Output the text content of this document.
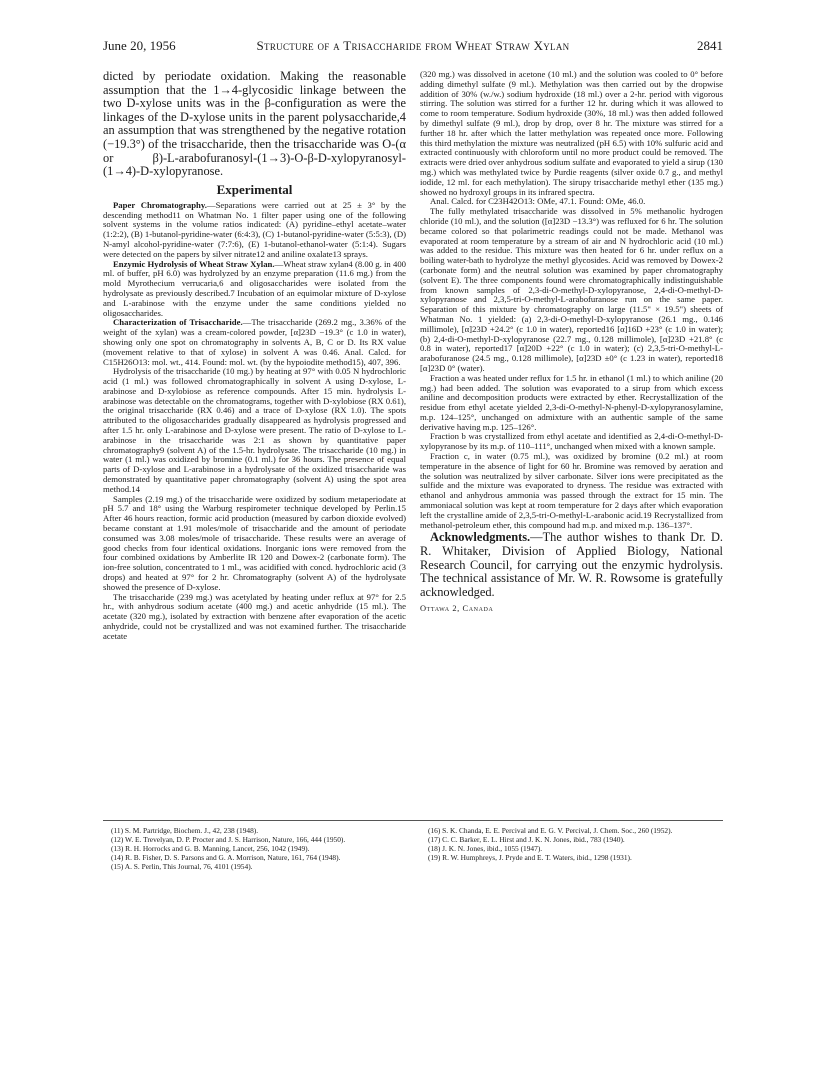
June 20, 1956	Structure of a Trisaccharide from Wheat Straw Xylan	2841

dicted by periodate oxidation. Making the reasonable assumption that the 1→4-glycosidic linkage between the two D-xylose units was in the β-configuration as were the linkages of the D-xylose units in the parent polysaccharide,4 an assumption that was strengthened by the negative rotation (−19.3°) of the trisaccharide, then the trisaccharide was O-(α or β)-L-arabofuranosyl-(1→3)-O-β-D-xylopyranosyl-(1→4)-D-xylopyranose.

Experimental

Paper Chromatography.—Separations were carried out at 25 ± 3° by the descending method11 on Whatman No. 1 filter paper using one of the following solvent systems in the volume ratios indicated: (A) pyridine–ethyl acetate–water (1:2:2), (B) 1-butanol-pyridine-water (6:4:3), (C) 1-butanol-pyridine-water (5:5:3), (D) N-amyl alcohol-pyridine-water (7:7:6), (E) 1-butanol-ethanol-water (5:1:4). Sugars were detected on the papers by silver nitrate12 and aniline oxalate13 sprays.

Enzymic Hydrolysis of Wheat Straw Xylan.—Wheat straw xylan4 (8.00 g. in 400 ml. of buffer, pH 6.0) was hydrolyzed by an enzyme preparation (11.6 mg.) from the mold Myrothecium verrucaria,6 and oligosaccharides were isolated from the hydrolysate as previously described.7 Incubation of an equimolar mixture of D-xylose and L-arabinose with the enzyme under the same conditions yielded no oligosaccharides.

Characterization of Trisaccharide.—The trisaccharide (269.2 mg., 3.36% of the weight of the xylan) was a cream-colored powder, [α]23D −19.3° (c 1.0 in water), showing only one spot on chromatography in solvents A, B, C or D. Its RX value (movement relative to that of xylose) in solvent A was 0.46. Anal. Calcd. for C15H26O13: mol. wt., 414. Found: mol. wt. (by the hypoiodite method15), 407, 396.

Hydrolysis of the trisaccharide (10 mg.) by heating at 97° with 0.05 N hydrochloric acid (1 ml.) was followed chromatographically in solvent A using D-xylose, L-arabinose and D-xylobiose as reference compounds. After 15 min. hydrolysis L-arabinose was detectable on the chromatograms, together with D-xylobiose (RX 0.61), the original trisaccharide (RX 0.46) and a trace of D-xylose (RX 1.0). The spots attributed to the oligosaccharides gradually disappeared as hydrolysis progressed and after 1.5 hr. only L-arabinose and D-xylose were present. The ratio of D-xylose to L-arabinose in the trisaccharide was 2:1 as shown by quantitative paper chromatography9 (solvent A) of the 1.5-hr. hydrolysate. The trisaccharide (10 mg.) in water (1 ml.) was oxidized by bromine (0.1 ml.) for 36 hours. The presence of equal parts of D-xylose and L-arabinose in a hydrolysate of the oxidized trisaccharide was demonstrated by quantitative paper chromatography (solvent A) using the spot area method.14

Samples (2.19 mg.) of the trisaccharide were oxidized by sodium metaperiodate at pH 5.7 and 18° using the Warburg respirometer technique developed by Perlin.15 After 46 hours reaction, formic acid production (measured by carbon dioxide evolved) became constant at 1.91 moles/mole of trisaccharide and the amount of periodate consumed was 3.08 moles/mole of trisaccharide. These results were an average of good checks from four identical oxidations. Inorganic ions were removed from the four combined oxidations by Amberlite IR 120 and Dowex-2 (carbonate form). The ion-free solution, concentrated to 1 ml., was acidified with concd. hydrochloric acid (3 drops) and heated at 97° for 2 hr. Chromatography (solvent A) of the hydrolysate showed the presence of D-xylose.

The trisaccharide (239 mg.) was acetylated by heating under reflux at 97° for 2.5 hr., with anhydrous sodium acetate (400 mg.) and acetic anhydride (15 ml.). The acetate (320 mg.), isolated by extraction with benzene after evaporation of the acetic anhydride, could not be crystallized and was not examined further. The trisaccharide acetate

(320 mg.) was dissolved in acetone (10 ml.) and the solution was cooled to 0° before adding dimethyl sulfate (9 ml.). Methylation was then carried out by the dropwise addition of 30% (w./w.) sodium hydroxide (18 ml.) over a 2-hr. period with vigorous stirring. The solution was stirred for a further 12 hr. during which it was allowed to come to room temperature. Sodium hydroxide (30%, 18 ml.) was then added followed by dimethyl sulfate (9 ml.), drop by drop, over 8 hr. The mixture was stirred for a further 18 hr. after which the latter methylation was repeated once more. Following this third methylation the mixture was neutralized (pH 6.5) with 10% sulfuric acid and extracted continuously with chloroform until no more product could be removed. The extracts were dried over anhydrous sodium sulfate and evaporated to yield a sirup (130 mg.) which was methylated twice by Purdie reagents (silver oxide 0.7 g., and methyl iodide, 12 ml. for each methylation). The sirupy trisaccharide methyl ether (135 mg.) showed no hydroxyl groups in its infrared spectra.

Anal. Calcd. for C23H42O13: OMe, 47.1. Found: OMe, 46.0.

The fully methylated trisaccharide was dissolved in 5% methanolic hydrogen chloride (10 ml.), and the solution ([α]23D −13.3°) was refluxed for 6 hr. The solution became colored so that polarimetric readings could not be made. Methanol was evaporated at room temperature by a stream of air and N hydrochloric acid (10 ml.) was added to the residue. This mixture was then heated for 6 hr. under reflux on a boiling water-bath to hydrolyze the methyl glycosides. Acid was removed by Dowex-2 (carbonate form) and the neutral solution was examined by paper chromatography (solvent E). The three components found were chromatographically indistinguishable from known samples of 2,3-di-O-methyl-D-xylopyranose, 2,4-di-O-methyl-D-xylopyranose and 2,3,5-tri-O-methyl-L-arabofuranose run on the same paper. Separation of this mixture by chromatography on large (11.5" × 19.5") sheets of Whatman No. 1 yielded: (a) 2,3-di-O-methyl-D-xylopyranose (26.1 mg., 0.146 millimole), [α]23D +24.2° (c 1.0 in water), reported16 [α]16D +23° (c 1.0 in water); (b) 2,4-di-O-methyl-D-xylopyranose (22.7 mg., 0.128 millimole), [α]23D +21.8° (c 0.8 in water), reported17 [α]20D +22° (c 1.0 in water); (c) 2,3,5-tri-O-methyl-L-arabofuranose (24.5 mg., 0.128 millimole), [α]23D ±0° (c 1.23 in water), reported18 [α]23D 0° (water).

Fraction a was heated under reflux for 1.5 hr. in ethanol (1 ml.) to which aniline (20 mg.) had been added. The solution was evaporated to a sirup from which excess aniline and decomposition products were extracted by ether. Recrystallization of the residue from ethyl acetate yielded 2,3-di-O-methyl-N-phenyl-D-xylopyranosylamine, m.p. 124–125°, unchanged on admixture with an authentic sample of the same derivative having m.p. 125–126°.

Fraction b was crystallized from ethyl acetate and identified as 2,4-di-O-methyl-D-xylopyranose by its m.p. of 110–111°, unchanged when mixed with a known sample.

Fraction c, in water (0.75 ml.), was oxidized by bromine (0.2 ml.) at room temperature in the absence of light for 60 hr. Bromine was removed by aeration and the solution was neutralized by silver carbonate. Silver ions were precipitated as the sulfide and the mixture was evaporated to dryness. The residue was extracted with ethanol and anhydrous ammonia was passed through the extract for 15 min. The ammoniacal solution was kept at room temperature for 2 days after which evaporation left the crystalline amide of 2,3,5-tri-O-methyl-L-arabonic acid.19 Recrystallized from methanol-petroleum ether, this compound had m.p. and mixed m.p. 136–137°.

Acknowledgments.—The author wishes to thank Dr. D. R. Whitaker, Division of Applied Biology, National Research Council, for carrying out the enzymic hydrolysis. The technical assistance of Mr. W. R. Rowsome is gratefully acknowledged.

Ottawa 2, Canada

(11) S. M. Partridge, Biochem. J., 42, 238 (1948).

(12) W. E. Trevelyan, D. P. Procter and J. S. Harrison, Nature, 166, 444 (1950).

(13) R. H. Horrocks and G. B. Manning, Lancet, 256, 1042 (1949).

(14) R. B. Fisher, D. S. Parsons and G. A. Morrison, Nature, 161, 764 (1948).

(15) A. S. Perlin, This Journal, 76, 4101 (1954).

(16) S. K. Chanda, E. E. Percival and E. G. V. Percival, J. Chem. Soc., 260 (1952).

(17) C. C. Barker, E. L. Hirst and J. K. N. Jones, ibid., 783 (1940).

(18) J. K. N. Jones, ibid., 1055 (1947).

(19) R. W. Humphreys, J. Pryde and E. T. Waters, ibid., 1298 (1931).
